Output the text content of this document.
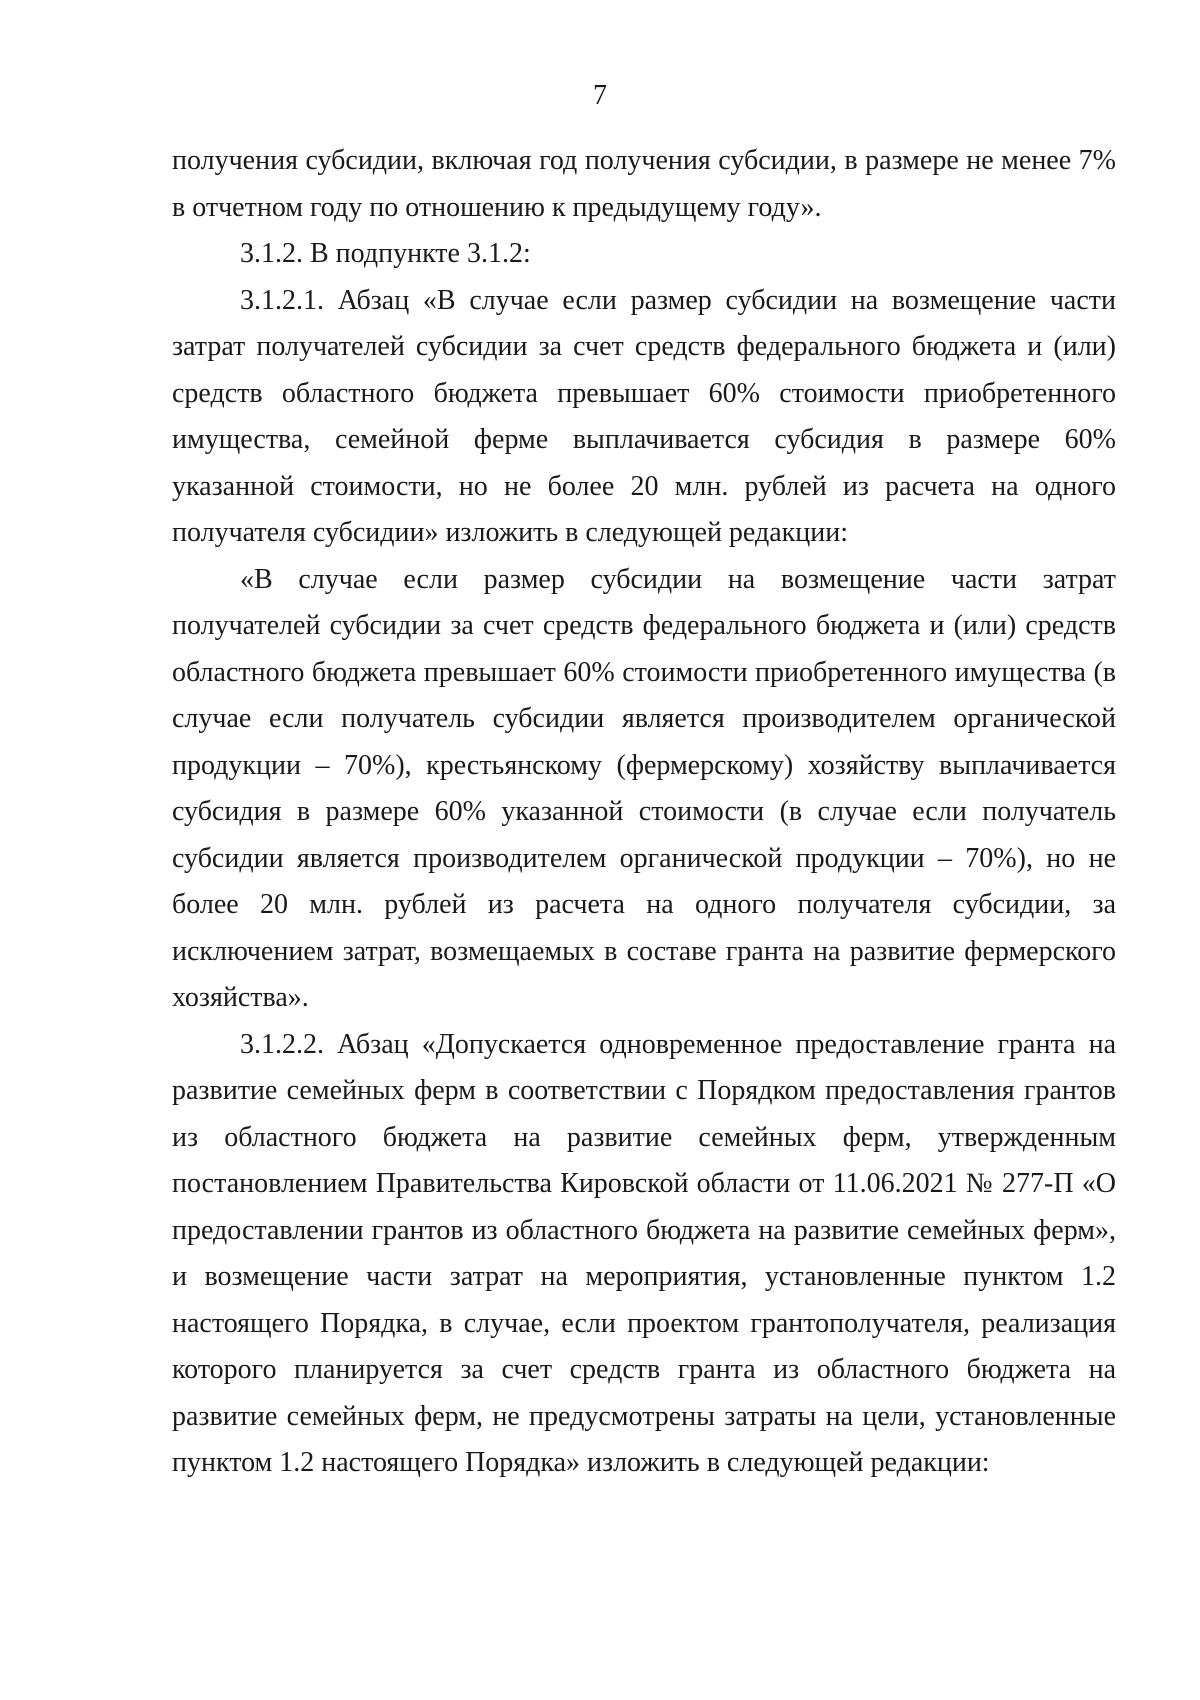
7

получения субсидии, включая год получения субсидии, в размере не менее 7% в отчетном году по отношению к предыдущему году».

3.1.2. В подпункте 3.1.2:

3.1.2.1. Абзац «В случае если размер субсидии на возмещение части затрат получателей субсидии за счет средств федерального бюджета и (или) средств областного бюджета превышает 60% стоимости приобретенного имущества, семейной ферме выплачивается субсидия в размере 60% указанной стоимости, но не более 20 млн. рублей из расчета на одного получателя субсидии» изложить в следующей редакции:

«В случае если размер субсидии на возмещение части затрат получателей субсидии за счет средств федерального бюджета и (или) средств областного бюджета превышает 60% стоимости приобретенного имущества (в случае если получатель субсидии является производителем органической продукции – 70%), крестьянскому (фермерскому) хозяйству выплачивается субсидия в размере 60% указанной стоимости (в случае если получатель субсидии является производителем органической продукции – 70%), но не более 20 млн. рублей из расчета на одного получателя субсидии, за исключением затрат, возмещаемых в составе гранта на развитие фермерского хозяйства».

3.1.2.2. Абзац «Допускается одновременное предоставление гранта на развитие семейных ферм в соответствии с Порядком предоставления грантов из областного бюджета на развитие семейных ферм, утвержденным постановлением Правительства Кировской области от 11.06.2021 № 277-П «О предоставлении грантов из областного бюджета на развитие семейных ферм», и возмещение части затрат на мероприятия, установленные пунктом 1.2 настоящего Порядка, в случае, если проектом грантополучателя, реализация которого планируется за счет средств гранта из областного бюджета на развитие семейных ферм, не предусмотрены затраты на цели, установленные пунктом 1.2 настоящего Порядка» изложить в следующей редакции:
